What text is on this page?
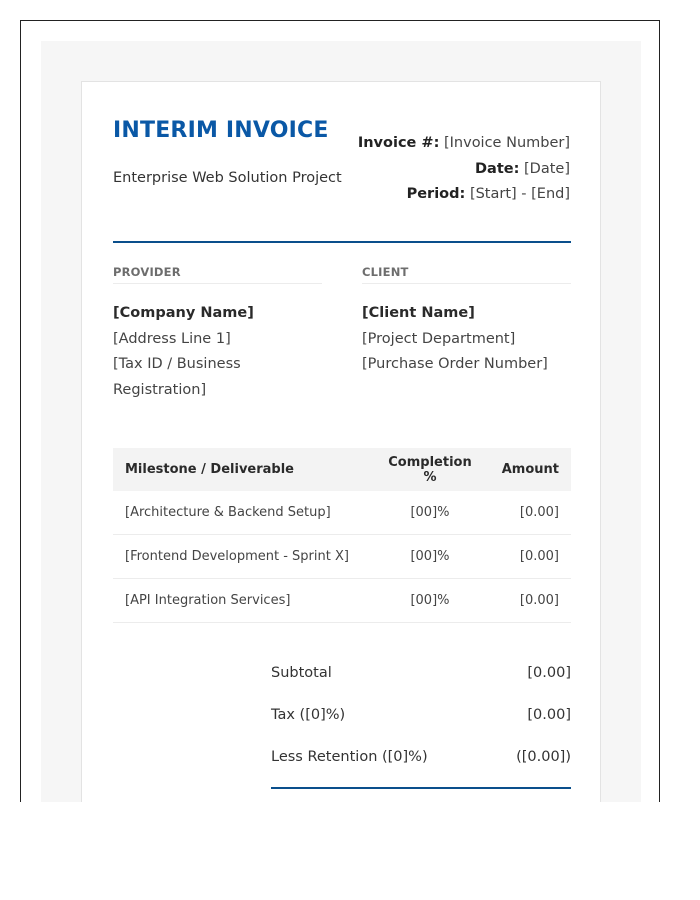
INTERIM INVOICE
Enterprise Web Solution Project
Invoice #: [Invoice Number]
Date: [Date]
Period: [Start] - [End]
PROVIDER
[Company Name]
[Address Line 1]
[Tax ID / Business Registration]
CLIENT
[Client Name]
[Project Department]
[Purchase Order Number]
Milestone / Deliverable	Completion %	Amount
[Architecture & Backend Setup]	[00]%	[0.00]
[Frontend Development - Sprint X]	[00]%	[0.00]
[API Integration Services]	[00]%	[0.00]
Subtotal	[0.00]
Tax ([0]%)	[0.00]
Less Retention ([0]%)	([0.00])
